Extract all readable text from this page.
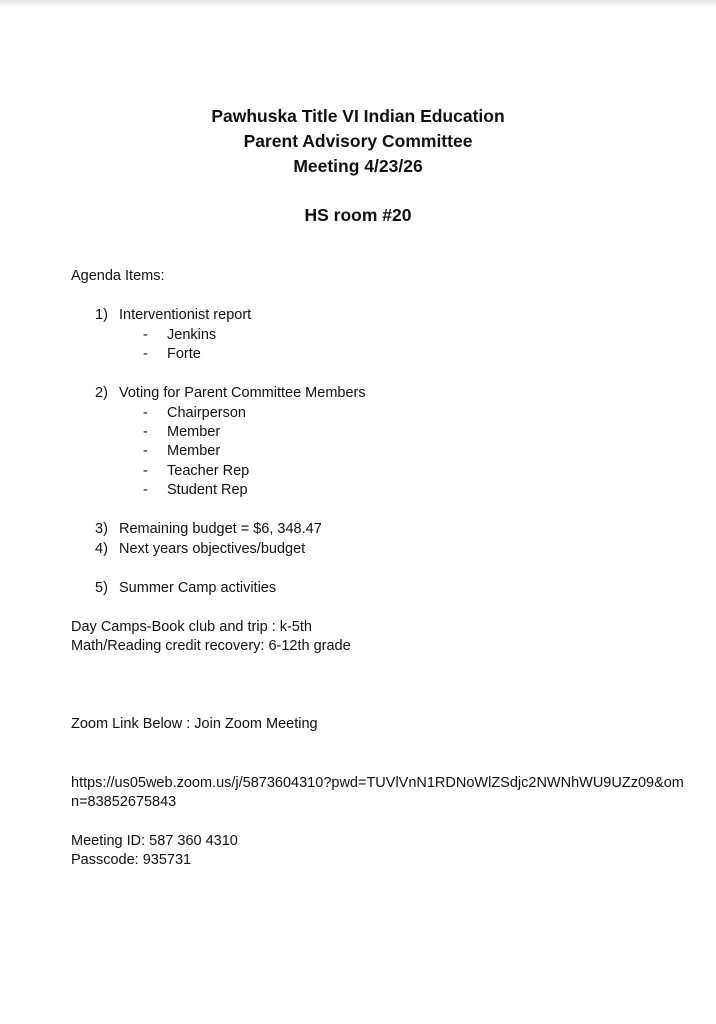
Pawhuska Title VI Indian Education
Parent Advisory Committee
Meeting 4/23/26
HS room #20
Agenda Items:
1) Interventionist report
- Jenkins
- Forte
2) Voting for Parent Committee Members
- Chairperson
- Member
- Member
- Teacher Rep
- Student Rep
3) Remaining budget = $6, 348.47
4) Next years objectives/budget
5) Summer Camp activities
Day Camps-Book club and trip : k-5th
Math/Reading credit recovery: 6-12th grade
Zoom Link Below : Join Zoom Meeting
https://us05web.zoom.us/j/5873604310?pwd=TUVlVnN1RDNoWlZSdjc2NWNhWU9UZz09&om
n=83852675843
Meeting ID: 587 360 4310
Passcode: 935731
